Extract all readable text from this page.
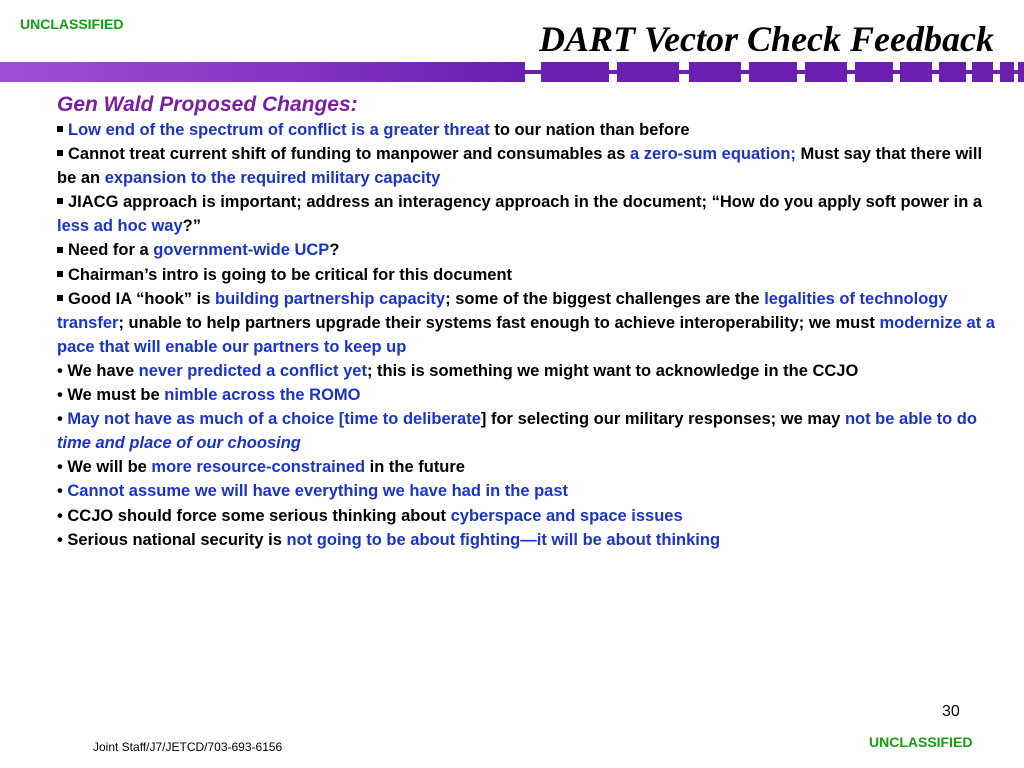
UNCLASSIFIED	DART Vector Check Feedback
Gen Wald Proposed Changes:
Low end of the spectrum of conflict is a greater threat to our nation than before
Cannot treat current shift of funding to manpower and consumables as a zero-sum equation; Must say that there will be an expansion to the required military capacity
JIACG approach is important; address an interagency approach in the document; “How do you apply soft power in a less ad hoc way?”
Need for a government-wide UCP?
Chairman’s intro is going to be critical for this document
Good IA “hook” is building partnership capacity; some of the biggest challenges are the legalities of technology transfer; unable to help partners upgrade their systems fast enough to achieve interoperability; we must modernize at a pace that will enable our partners to keep up
• We have never predicted a conflict yet; this is something we might want to acknowledge in the CCJO
• We must be nimble across the ROMO
• May not have as much of a choice [time to deliberate] for selecting our military responses; we may not be able to do time and place of our choosing
• We will be more resource-constrained in the future
• Cannot assume we will have everything we have had in the past
• CCJO should force some serious thinking about cyberspace and space issues
• Serious national security is not going to be about fighting—it will be about thinking
30
Joint Staff/J7/JETCD/703-693-6156	UNCLASSIFIED
